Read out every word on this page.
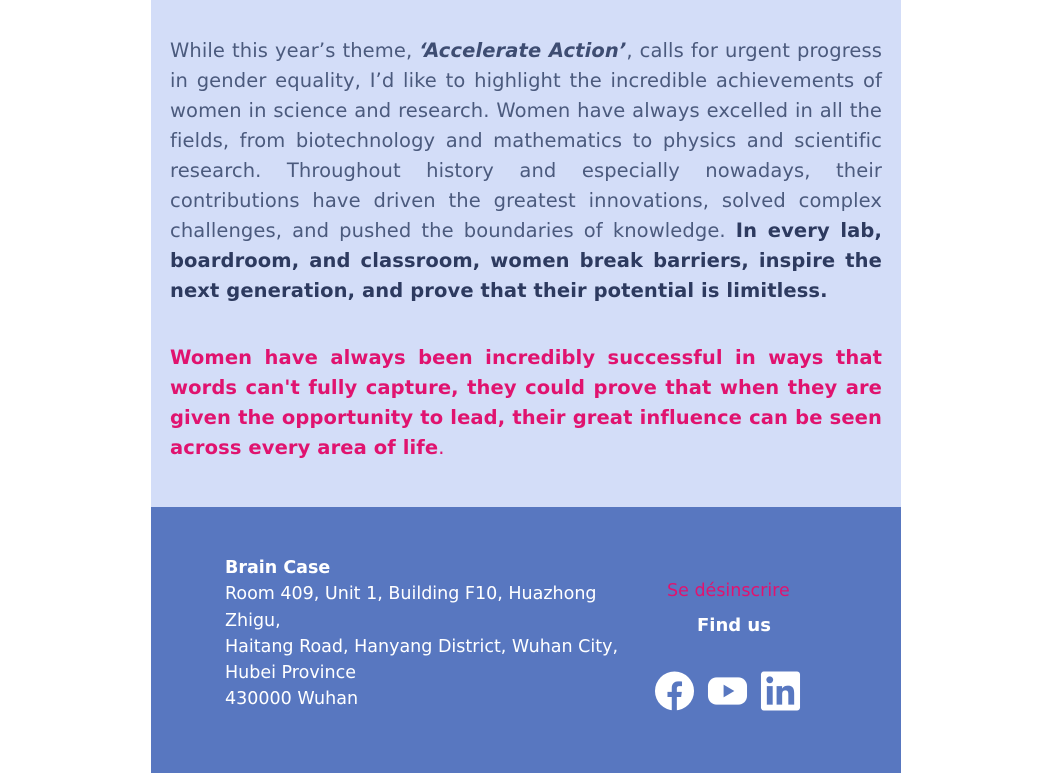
While this year’s theme, ‘Accelerate Action’, calls for urgent progress in gender equality, I’d like to highlight the incredible achievements of women in science and research. Women have always excelled in all the fields, from biotechnology and mathematics to physics and scientific research. Throughout history and especially nowadays, their contributions have driven the greatest innovations, solved complex challenges, and pushed the boundaries of knowledge. In every lab, boardroom, and classroom, women break barriers, inspire the next generation, and prove that their potential is limitless.

Women have always been incredibly successful in ways that words can't fully capture, they could prove that when they are given the opportunity to lead, their great influence can be seen across every area of life.

Brain Case
Room 409, Unit 1, Building F10, Huazhong Zhigu,
Haitang Road, Hanyang District, Wuhan City,
Hubei Province
430000 Wuhan
Se désinscrire
Find us
